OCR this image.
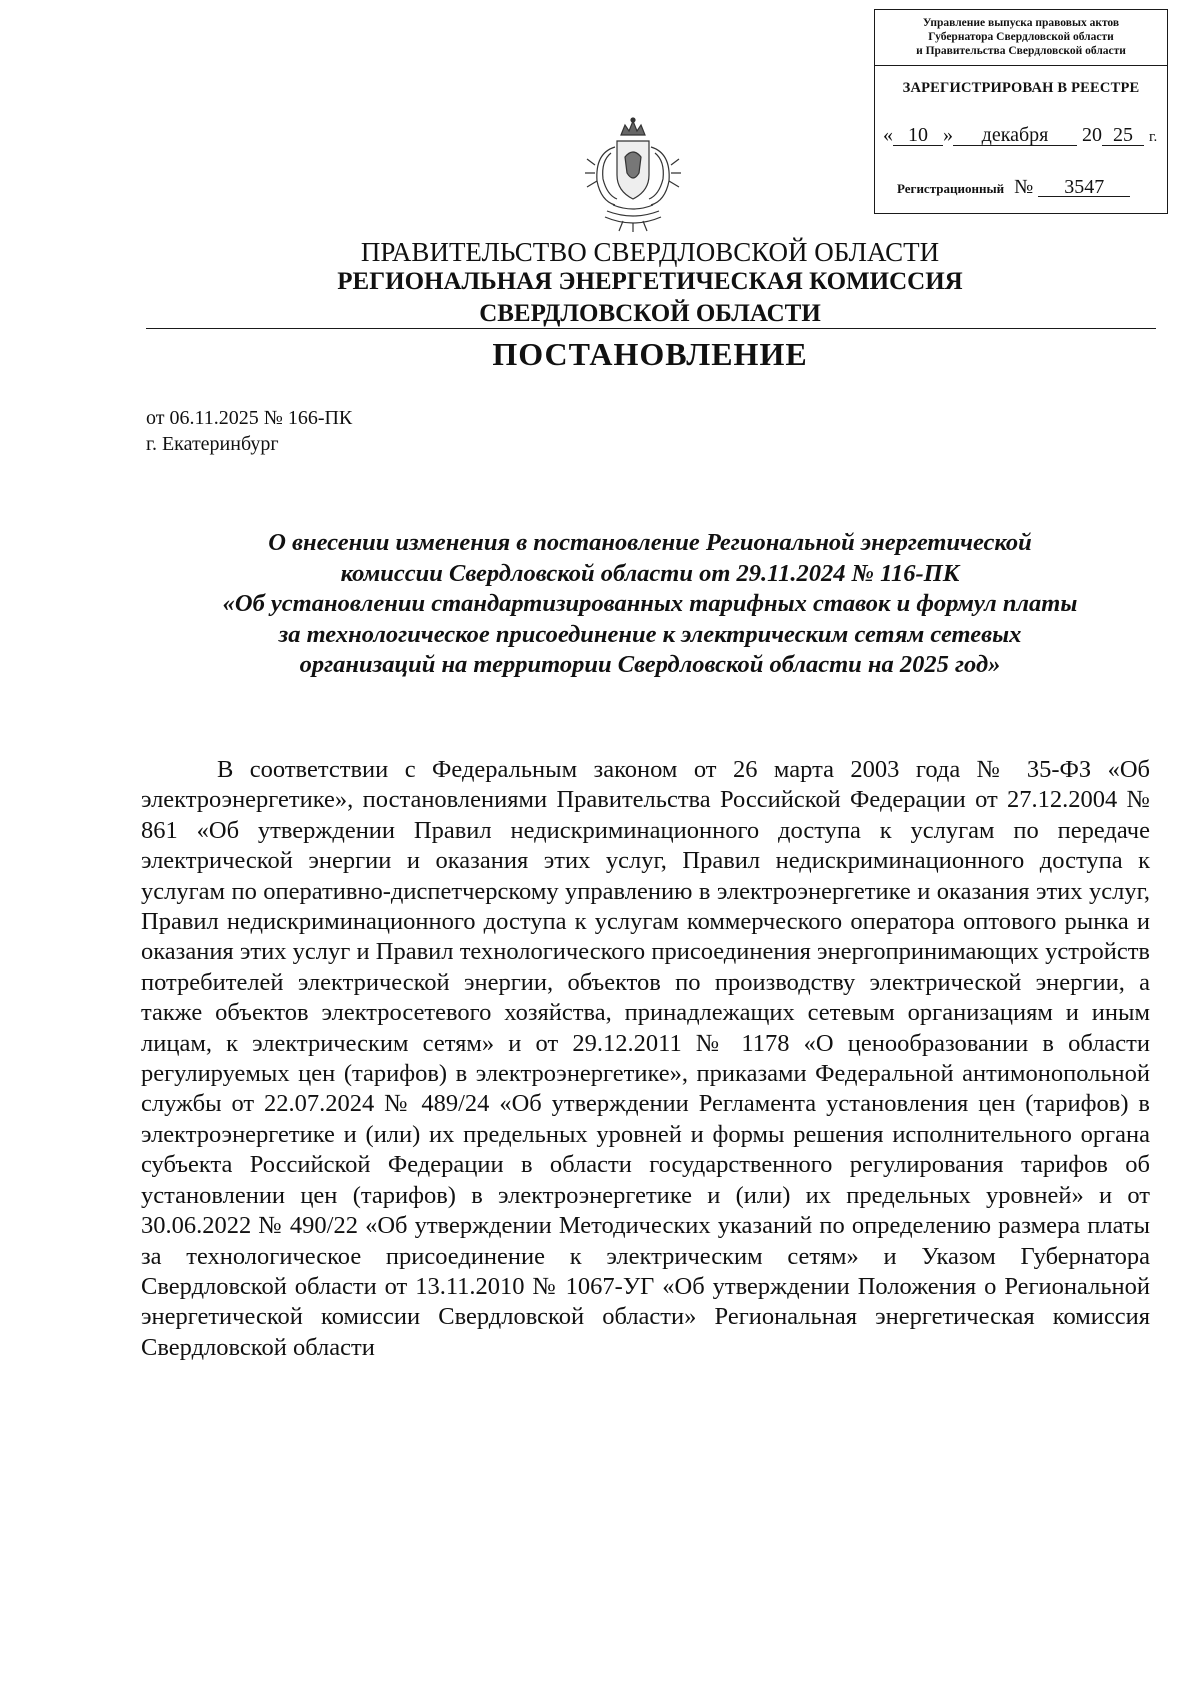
Управление выпуска правовых актов
Губернатора Свердловской области
и Правительства Свердловской области
ЗАРЕГИСТРИРОВАН В РЕЕСТРЕ
« 10 » декабря 20 25 г.
Регистрационный № 3547
ПРАВИТЕЛЬСТВО СВЕРДЛОВСКОЙ ОБЛАСТИ
РЕГИОНАЛЬНАЯ ЭНЕРГЕТИЧЕСКАЯ КОМИССИЯ
СВЕРДЛОВСКОЙ ОБЛАСТИ
ПОСТАНОВЛЕНИЕ
от 06.11.2025 № 166-ПК
г. Екатеринбург
О внесении изменения в постановление Региональной энергетической
комиссии Свердловской области от 29.11.2024 № 116-ПК
«Об установлении стандартизированных тарифных ставок и формул платы
за технологическое присоединение к электрическим сетям сетевых
организаций на территории Свердловской области на 2025 год»

В соответствии с Федеральным законом от 26 марта 2003 года № 35-ФЗ «Об электроэнергетике», постановлениями Правительства Российской Федерации от 27.12.2004 № 861 «Об утверждении Правил недискриминационного доступа к услугам по передаче электрической энергии и оказания этих услуг, Правил недискриминационного доступа к услугам по оперативно-диспетчерскому управлению в электроэнергетике и оказания этих услуг, Правил недискриминационного доступа к услугам коммерческого оператора оптового рынка и оказания этих услуг и Правил технологического присоединения энергопринимающих устройств потребителей электрической энергии, объектов по производству электрической энергии, а также объектов электросетевого хозяйства, принадлежащих сетевым организациям и иным лицам, к электрическим сетям» и от 29.12.2011 № 1178 «О ценообразовании в области регулируемых цен (тарифов) в электроэнергетике», приказами Федеральной антимонопольной службы от 22.07.2024 № 489/24 «Об утверждении Регламента установления цен (тарифов) в электроэнергетике и (или) их предельных уровней и формы решения исполнительного органа субъекта Российской Федерации в области государственного регулирования тарифов об установлении цен (тарифов) в электроэнергетике и (или) их предельных уровней» и от 30.06.2022 № 490/22 «Об утверждении Методических указаний по определению размера платы за технологическое присоединение к электрическим сетям» и Указом Губернатора Свердловской области от 13.11.2010 № 1067-УГ «Об утверждении Положения о Региональной энергетической комиссии Свердловской области» Региональная энергетическая комиссия Свердловской области
